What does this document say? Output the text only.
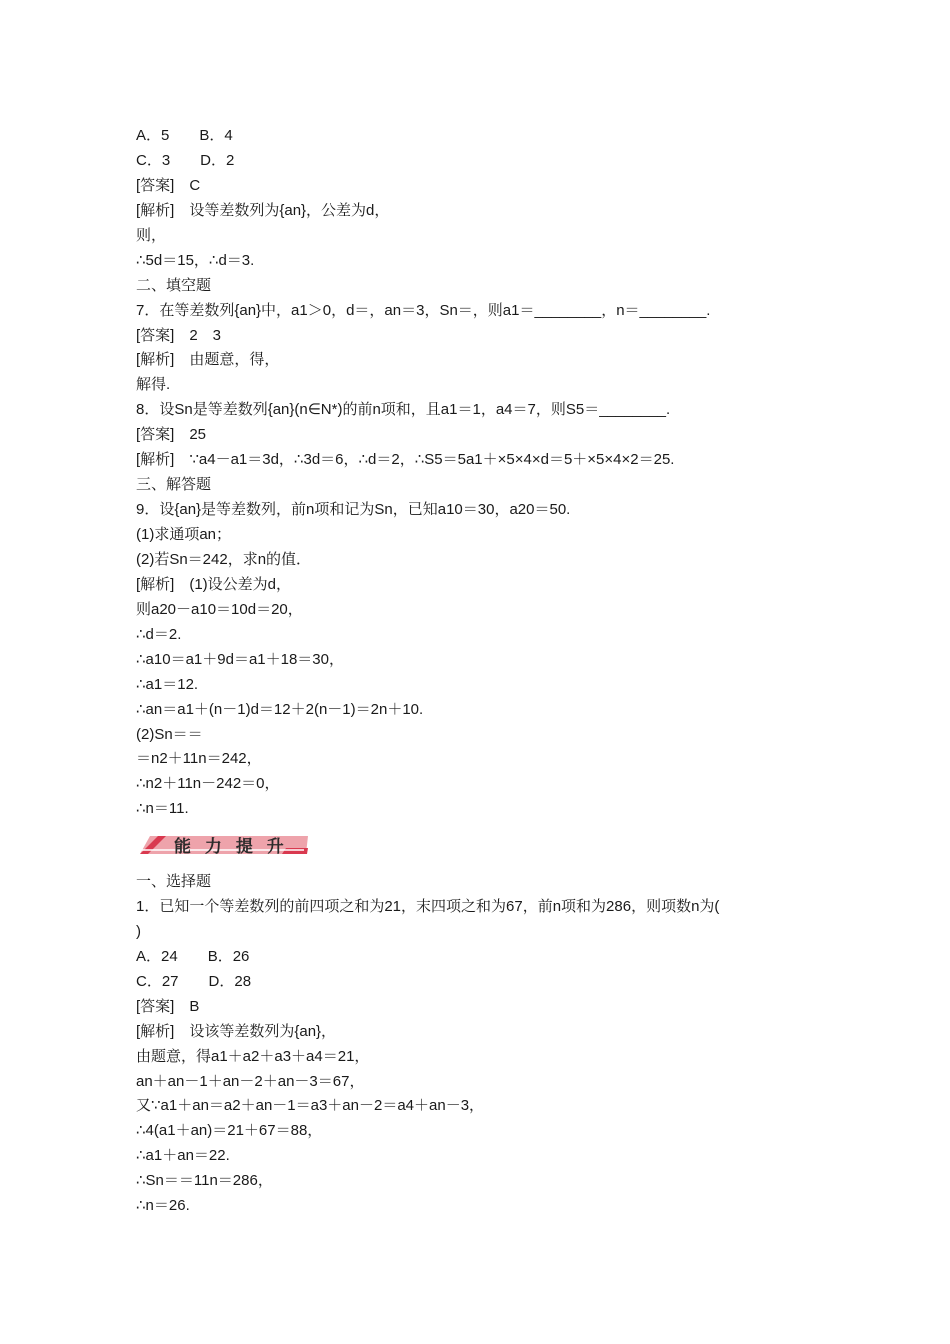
A．5　　B．4
C．3　　D．2
[答案]　C
[解析]　设等差数列为{an}，公差为d，
则，
∴5d＝15，∴d＝3.
二、填空题
7．在等差数列{an}中，a1＞0，d＝，an＝3，Sn＝，则a1＝________，n＝________.
[答案]　2　3
[解析]　由题意，得，
解得.
8．设Sn是等差数列{an}(n∈N*)的前n项和，且a1＝1，a4＝7，则S5＝________.
[答案]　25
[解析]　∵a4－a1＝3d，∴3d＝6，∴d＝2，∴S5＝5a1＋×5×4×d＝5＋×5×4×2＝25.
三、解答题
9．设{an}是等差数列，前n项和记为Sn，已知a10＝30，a20＝50.
(1)求通项an；
(2)若Sn＝242，求n的值．
[解析]　(1)设公差为d，
则a20－a10＝10d＝20，
∴d＝2.
∴a10＝a1＋9d＝a1＋18＝30，
∴a1＝12.
∴an＝a1＋(n－1)d＝12＋2(n－1)＝2n＋10.
(2)Sn＝＝
＝n2＋11n＝242，
∴n2＋11n－242＝0，
∴n＝11.
能 力 提 升
一、选择题
1．已知一个等差数列的前四项之和为21，末四项之和为67，前n项和为286，则项数n为(
)
A．24　　B．26
C．27　　D．28
[答案]　B
[解析]　设该等差数列为{an}，
由题意，得a1＋a2＋a3＋a4＝21，
an＋an－1＋an－2＋an－3＝67，
又∵a1＋an＝a2＋an－1＝a3＋an－2＝a4＋an－3，
∴4(a1＋an)＝21＋67＝88，
∴a1＋an＝22.
∴Sn＝＝11n＝286，
∴n＝26.
